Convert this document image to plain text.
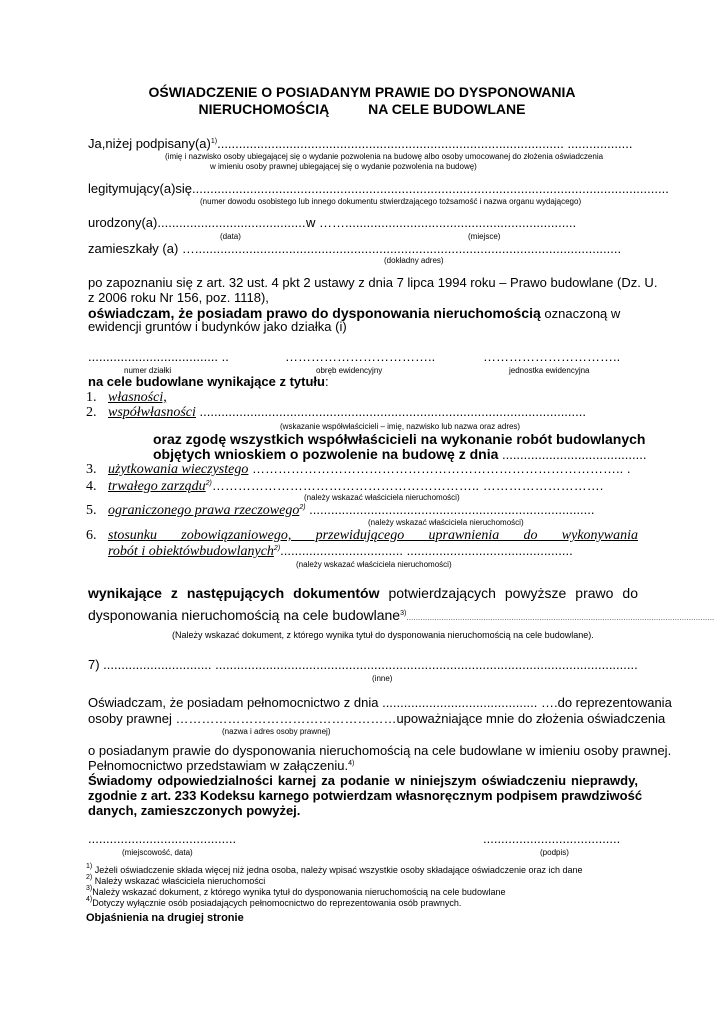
OŚWIADCZENIE O POSIADANYM PRAWIE DO DYSPONOWANIA
NIERUCHOMOŚCIĄ          NA CELE BUDOWLANE
Ja,niżej $podpisany(a)^{1)}$................................................................................................ ..................
(imię i nazwisko osoby ubiegającej się o wydanie pozwolenia na budowę albo osoby umocowanej do złożenia oświadczenia
w imieniu osoby prawnej ubiegającej się o wydanie pozwolenia na budowę)
legitymujący(a)się....................................................................................................................................
(numer dowodu osobistego lub innego dokumentu stwierdzającego tożsamość i nazwa organu wydającego)
urodzony(a)......................................... w ……................................................................
(data)	(miejsce)
zamieszkały (a) …......................................................................................................................
(dokładny adres)
po zapoznaniu się z art. 32 ust. 4 pkt 2 ustawy z dnia 7 lipca 1994 roku – Prawo budowlane (Dz. U.
z 2006 roku Nr 156, poz. 1118),
oświadczam, że posiadam prawo do dysponowania nieruchomością oznaczoną w
ewidencji gruntów i budynków jako działka (i)
.................................... ..	……………………………..	…………………………..
numer działki	obręb ewidencyjny	jednostka ewidencyjna
na cele budowlane wynikające z tytułu:
1. własności,
2. współwłasności ...........................................................................................................
(wskazanie współwłaścicieli – imię, nazwisko lub nazwa oraz adres)
oraz zgodę wszystkich współwłaścicieli na wykonanie robót budowlanych
objętych wnioskiem o pozwolenie na budowę z dnia ........................................
3. użytkowania wieczystego ………………………………………………………………………….. .
4. trwałego zarządu$^{2)}$…………………………………………………….. ……………………….
(należy wskazać właściciela nieruchomości)
5. ograniczonego prawa rzeczowego$^{2)}$ ...............................................................................
(należy wskazać właściciela nieruchomości)
6. stosunku zobowiązaniowego, przewidującego uprawnienia do wykonywania
robót i obiektówbudowlanych$^{2)}$.................................. ..............................................
(należy wskazać właściciela nieruchomości)
wynikające z następujących dokumentów potwierdzających powyższe prawo do
dysponowania nieruchomością na cele budowlane$^{3)}$……………………………………………………………………………………………………………………
(Należy wskazać dokument, z którego wynika tytuł do dysponowania nieruchomością na cele budowlane).
7) .............................. .....................................................................................................................
(inne)
Oświadczam, że posiadam pełnomocnictwo z dnia ........................................... ….do reprezentowania
osoby prawnej ……………………………………………upoważniające mnie do złożenia oświadczenia
(nazwa i adres osoby prawnej)
o posiadanym prawie do dysponowania nieruchomością na cele budowlane w imieniu osoby prawnej.
Pełnomocnictwo przedstawiam w załączeniu.$^{4)}$
Świadomy odpowiedzialności karnej za podanie w niniejszym oświadczeniu nieprawdy,
zgodnie z art. 233 Kodeksu karnego potwierdzam własnoręcznym podpisem prawdziwość
danych, zamieszczonych powyżej.
.........................................	......................................
(miejscowość, data)	(podpis)
$^{1)}$ Jeżeli oświadczenie składa więcej niż jedna osoba, należy wpisać wszystkie osoby składające oświadczenie oraz ich dane
$^{2)}$ Należy wskazać właściciela nieruchomości
$^{3)}$Należy wskazać dokument, z którego wynika tytuł do dysponowania nieruchomością na cele budowlane
$^{4)}$Dotyczy wyłącznie osób posiadających pełnomocnictwo do reprezentowania osób prawnych.
Objaśnienia na drugiej stronie
